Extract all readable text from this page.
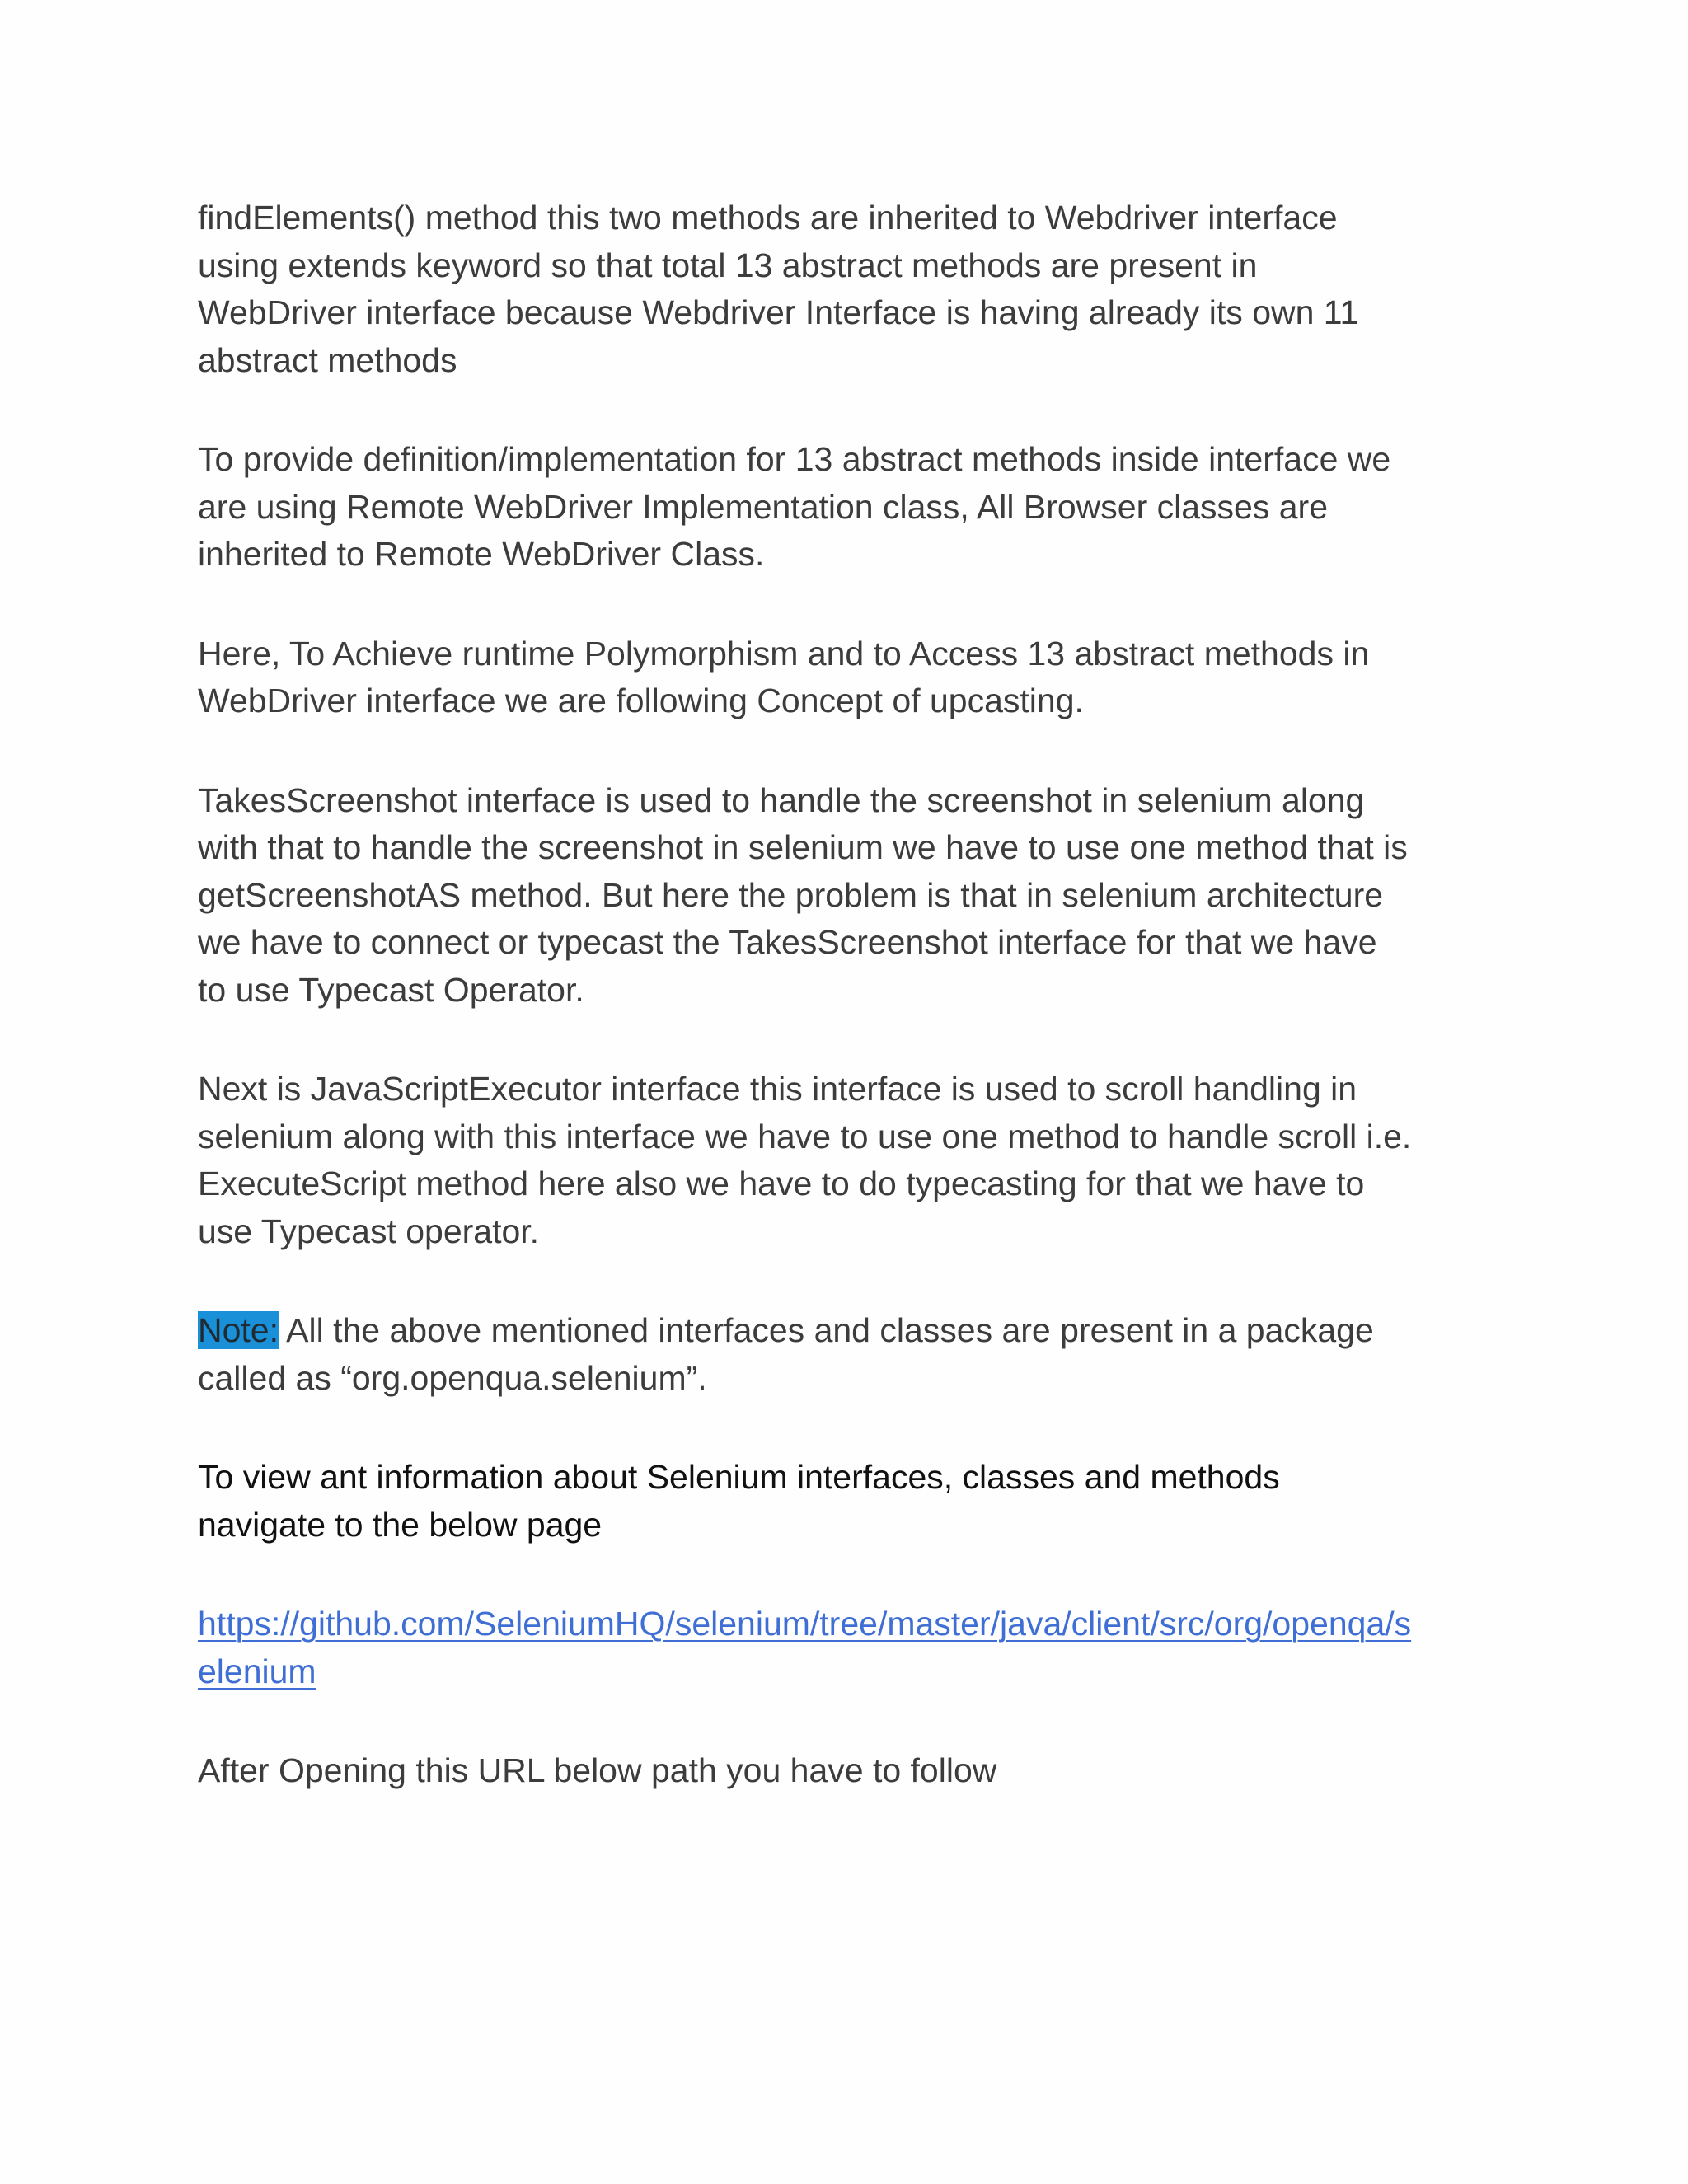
findElements() method this two methods are inherited to Webdriver interface
using extends keyword so that total 13 abstract methods are present in
WebDriver interface because Webdriver Interface is having already its own 11
abstract methods

To provide definition/implementation for 13 abstract methods inside interface we
are using Remote WebDriver Implementation class, All Browser classes are
inherited to Remote WebDriver Class.

Here, To Achieve runtime Polymorphism and to Access 13 abstract methods in
WebDriver interface we are following Concept of upcasting.

TakesScreenshot interface is used to handle the screenshot in selenium along
with that to handle the screenshot in selenium we have to use one method that is
getScreenshotAS method. But here the problem is that in selenium architecture
we have to connect or typecast the TakesScreenshot interface for that we have
to use Typecast Operator.

Next is JavaScriptExecutor interface this interface is used to scroll handling in
selenium along with this interface we have to use one method to handle scroll i.e.
ExecuteScript method here also we have to do typecasting for that we have to
use Typecast operator.

Note: All the above mentioned interfaces and classes are present in a package
called as “org.openqua.selenium”.

To view ant information about Selenium interfaces, classes and methods
navigate to the below page

https://github.com/SeleniumHQ/selenium/tree/master/java/client/src/org/openqa/s
elenium

After Opening this URL below path you have to follow
